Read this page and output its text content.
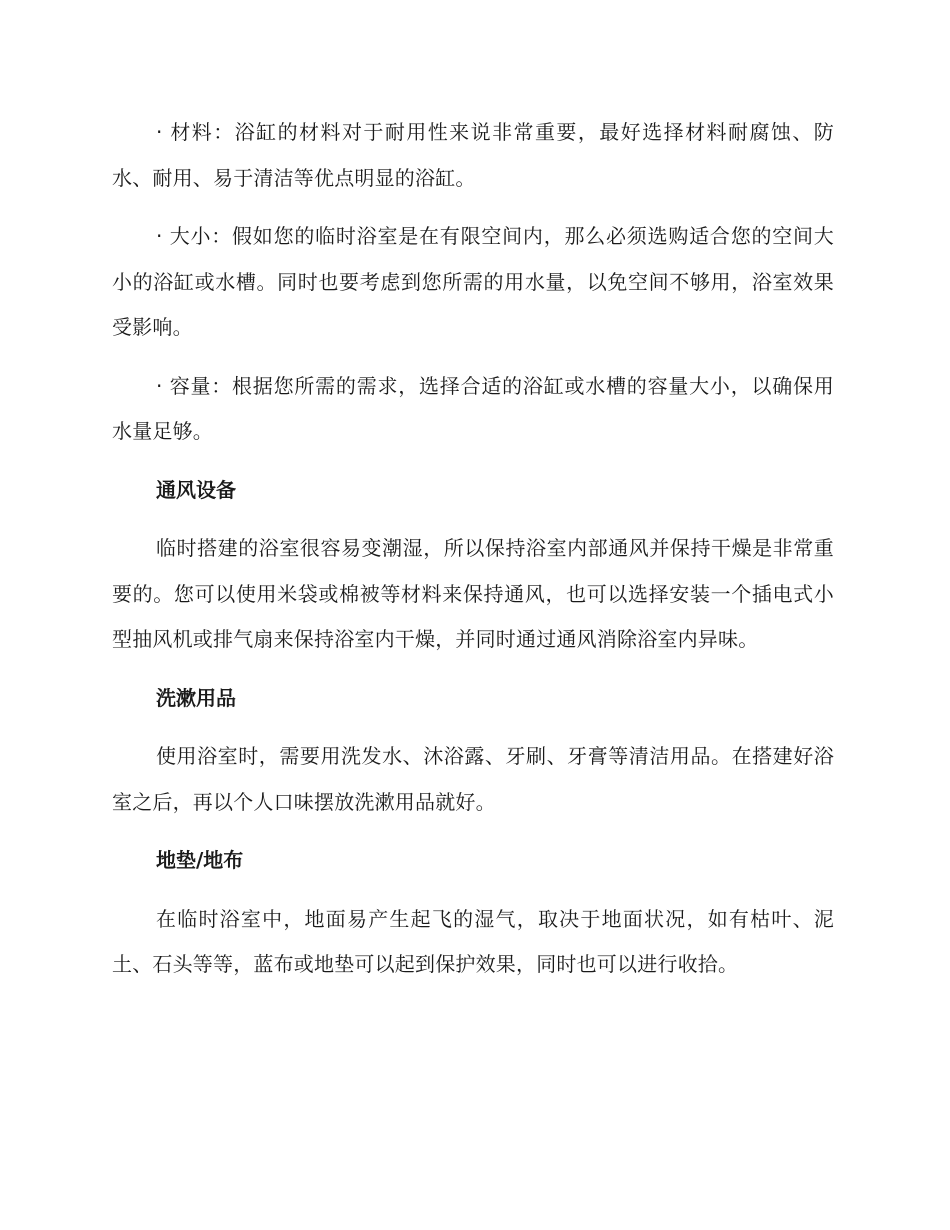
· 材料：浴缸的材料对于耐用性来说非常重要，最好选择材料耐腐蚀、防水、耐用、易于清洁等优点明显的浴缸。

· 大小：假如您的临时浴室是在有限空间内，那么必须选购适合您的空间大小的浴缸或水槽。同时也要考虑到您所需的用水量，以免空间不够用，浴室效果受影响。

· 容量：根据您所需的需求，选择合适的浴缸或水槽的容量大小，以确保用水量足够。

通风设备

临时搭建的浴室很容易变潮湿，所以保持浴室内部通风并保持干燥是非常重要的。您可以使用米袋或棉被等材料来保持通风，也可以选择安装一个插电式小型抽风机或排气扇来保持浴室内干燥，并同时通过通风消除浴室内异味。

洗漱用品

使用浴室时，需要用洗发水、沐浴露、牙刷、牙膏等清洁用品。在搭建好浴室之后，再以个人口味摆放洗漱用品就好。

地垫/地布

在临时浴室中，地面易产生起飞的湿气，取决于地面状况，如有枯叶、泥土、石头等等，蓝布或地垫可以起到保护效果，同时也可以进行收拾。
